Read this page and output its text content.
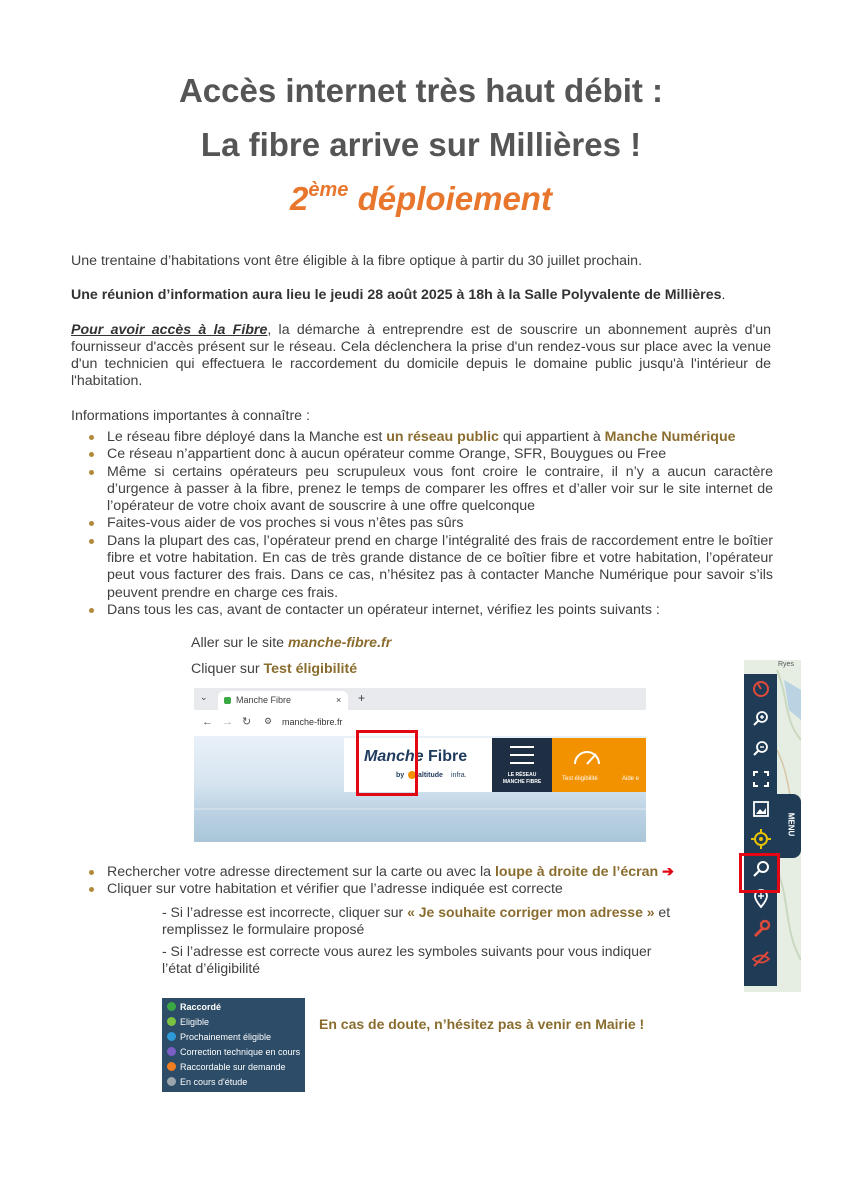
Accès internet très haut débit :
La fibre arrive sur Millières !
2ème déploiement
Une trentaine d’habitations vont être éligible à la fibre optique à partir du 30 juillet prochain.
Une réunion d’information aura lieu le jeudi 28 août 2025 à 18h à la Salle Polyvalente de Millières.
Pour avoir accès à la Fibre, la démarche à entreprendre est de souscrire un abonnement auprès d'un fournisseur d'accès présent sur le réseau. Cela déclenchera la prise d'un rendez-vous sur place avec la venue d'un technicien qui effectuera le raccordement du domicile depuis le domaine public jusqu'à l'intérieur de l'habitation.
Informations importantes à connaître :
Le réseau fibre déployé dans la Manche est un réseau public qui appartient à Manche Numérique
Ce réseau n’appartient donc à aucun opérateur comme Orange, SFR, Bouygues ou Free
Même si certains opérateurs peu scrupuleux vous font croire le contraire, il n’y a aucun caractère d’urgence à passer à la fibre, prenez le temps de comparer les offres et d’aller voir sur le site internet de l’opérateur de votre choix avant de souscrire à une offre quelconque
Faites-vous aider de vos proches si vous n’êtes pas sûrs
Dans la plupart des cas, l’opérateur prend en charge l’intégralité des frais de raccordement entre le boîtier fibre et votre habitation. En cas de très grande distance de ce boîtier fibre et votre habitation, l’opérateur peut vous facturer des frais. Dans ce cas, n’hésitez pas à contacter Manche Numérique pour savoir s’ils peuvent prendre en charge ces frais.
Dans tous les cas, avant de contacter un opérateur internet, vérifiez les points suivants :
Aller sur le site manche-fibre.fr
Cliquer sur Test éligibilité
⌄	Manche Fibre	× +
← → ↻ ⚙ manche-fibre.fr
Manche Fibre
by altitude infra.	LE RÉSEAU
MANCHE FIBRE	Test éligibilité	Aide e
Ryes
MENU
Rechercher votre adresse directement sur la carte ou avec la loupe à droite de l’écran ➔
Cliquer sur votre habitation et vérifier que l’adresse indiquée est correcte
- Si l’adresse est incorrecte, cliquer sur « Je souhaite corriger mon adresse » et
remplissez le formulaire proposé
- Si l’adresse est correcte vous aurez les symboles suivants pour vous indiquer
l’état d’éligibilité
Raccordé
Eligible
Prochainement éligible
Correction technique en cours
Raccordable sur demande
En cours d'étude
En cas de doute, n’hésitez pas à venir en Mairie !
